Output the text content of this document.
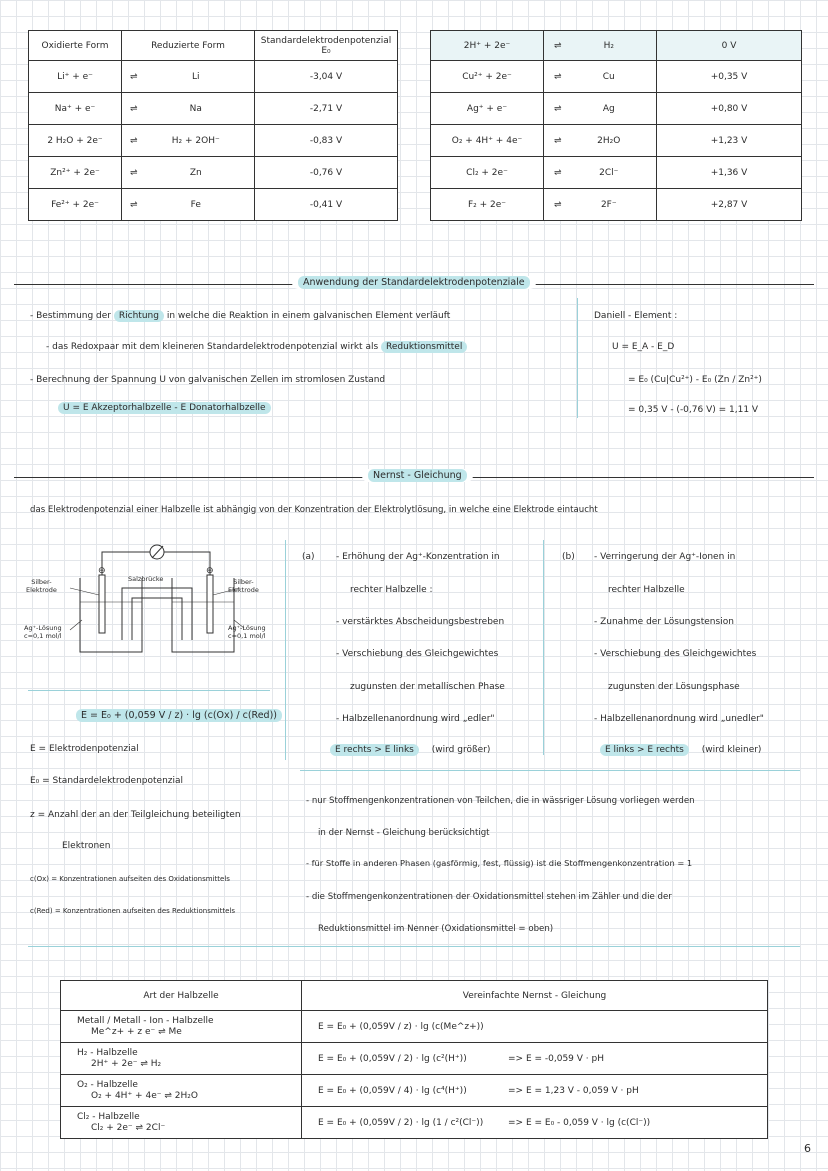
Oxidierte Form	Reduzierte Form	Standardelektrodenpotenzial E₀
Li⁺ + e⁻	⇌ Li	-3,04 V
Na⁺ + e⁻	⇌ Na	-2,71 V
2 H₂O + 2e⁻	⇌ H₂ + 2OH⁻	-0,83 V
Zn²⁺ + 2e⁻	⇌ Zn	-0,76 V
Fe²⁺ + 2e⁻	⇌ Fe	-0,41 V
2H⁺ + 2e⁻	⇌ H₂	0 V
Cu²⁺ + 2e⁻	⇌ Cu	+0,35 V
Ag⁺ + e⁻	⇌ Ag	+0,80 V
O₂ + 4H⁺ + 4e⁻	⇌ 2H₂O	+1,23 V
Cl₂ + 2e⁻	⇌ 2Cl⁻	+1,36 V
F₂ + 2e⁻	⇌ 2F⁻	+2,87 V
Anwendung der Standardelektrodenpotenziale
- Bestimmung der Richtung in welche die Reaktion in einem galvanischen Element verläuft
- das Redoxpaar mit dem kleineren Standardelektrodenpotenzial wirkt als Reduktionsmittel
- Berechnung der Spannung U von galvanischen Zellen im stromlosen Zustand
U = E Akzeptorhalbzelle - E Donatorhalbzelle
Daniell - Element :
U = E_A - E_D
= E₀ (Cu|Cu²⁺) - E₀ (Zn / Zn²⁺)
= 0,35 V - (-0,76 V) = 1,11 V
Nernst - Gleichung
das Elektrodenpotenzial einer Halbzelle ist abhängig von der Konzentration der Elektrolytlösung, in welche eine Elektrode eintaucht
⊖	⊕
Salzbrücke
Silber-
Elektrode
Silber-
Elektrode
Ag⁺-Lösung
c=0,1 mol/l
Ag⁺-Lösung
c=0,1 mol/l
E = E₀ + (0,059 V / z) · lg (c(Ox) / c(Red))
E = Elektrodenpotenzial
E₀ = Standardelektrodenpotenzial
z = Anzahl der an der Teilgleichung beteiligten
Elektronen
c(Ox) = Konzentrationen aufseiten des Oxidationsmittels
c(Red) = Konzentrationen aufseiten des Reduktionsmittels
(a) - Erhöhung der Ag⁺-Konzentration in
rechter Halbzelle :
- verstärktes Abscheidungsbestreben
- Verschiebung des Gleichgewichtes
zugunsten der metallischen Phase
- Halbzellenanordnung wird „edler"
E rechts > E links (wird größer)
(b) - Verringerung der Ag⁺-Ionen in
rechter Halbzelle
- Zunahme der Lösungstension
- Verschiebung des Gleichgewichtes
zugunsten der Lösungsphase
- Halbzellenanordnung wird „unedler"
E links > E rechts (wird kleiner)
- nur Stoffmengenkonzentrationen von Teilchen, die in wässriger Lösung vorliegen werden
in der Nernst - Gleichung berücksichtigt
- für Stoffe in anderen Phasen (gasförmig, fest, flüssig) ist die Stoffmengenkonzentration = 1
- die Stoffmengenkonzentrationen der Oxidationsmittel stehen im Zähler und die der
Reduktionsmittel im Nenner (Oxidationsmittel = oben)
Art der Halbzelle	Vereinfachte Nernst - Gleichung

Metall / Metall - Ion - Halbzelle
Me^z+ + z e⁻ ⇌ Me	E = E₀ + (0,059V / z) · lg (c(Me^z+))

H₂ - Halbzelle
2H⁺ + 2e⁻ ⇌ H₂	E = E₀ + (0,059V / 2) · lg (c²(H⁺)) => E = -0,059 V · pH

O₂ - Halbzelle
O₂ + 4H⁺ + 4e⁻ ⇌ 2H₂O	E = E₀ + (0,059V / 4) · lg (c⁴(H⁺)) => E = 1,23 V - 0,059 V · pH

Cl₂ - Halbzelle
Cl₂ + 2e⁻ ⇌ 2Cl⁻	E = E₀ + (0,059V / 2) · lg (1 / c²(Cl⁻)) => E = E₀ - 0,059 V · lg (c(Cl⁻))
6
